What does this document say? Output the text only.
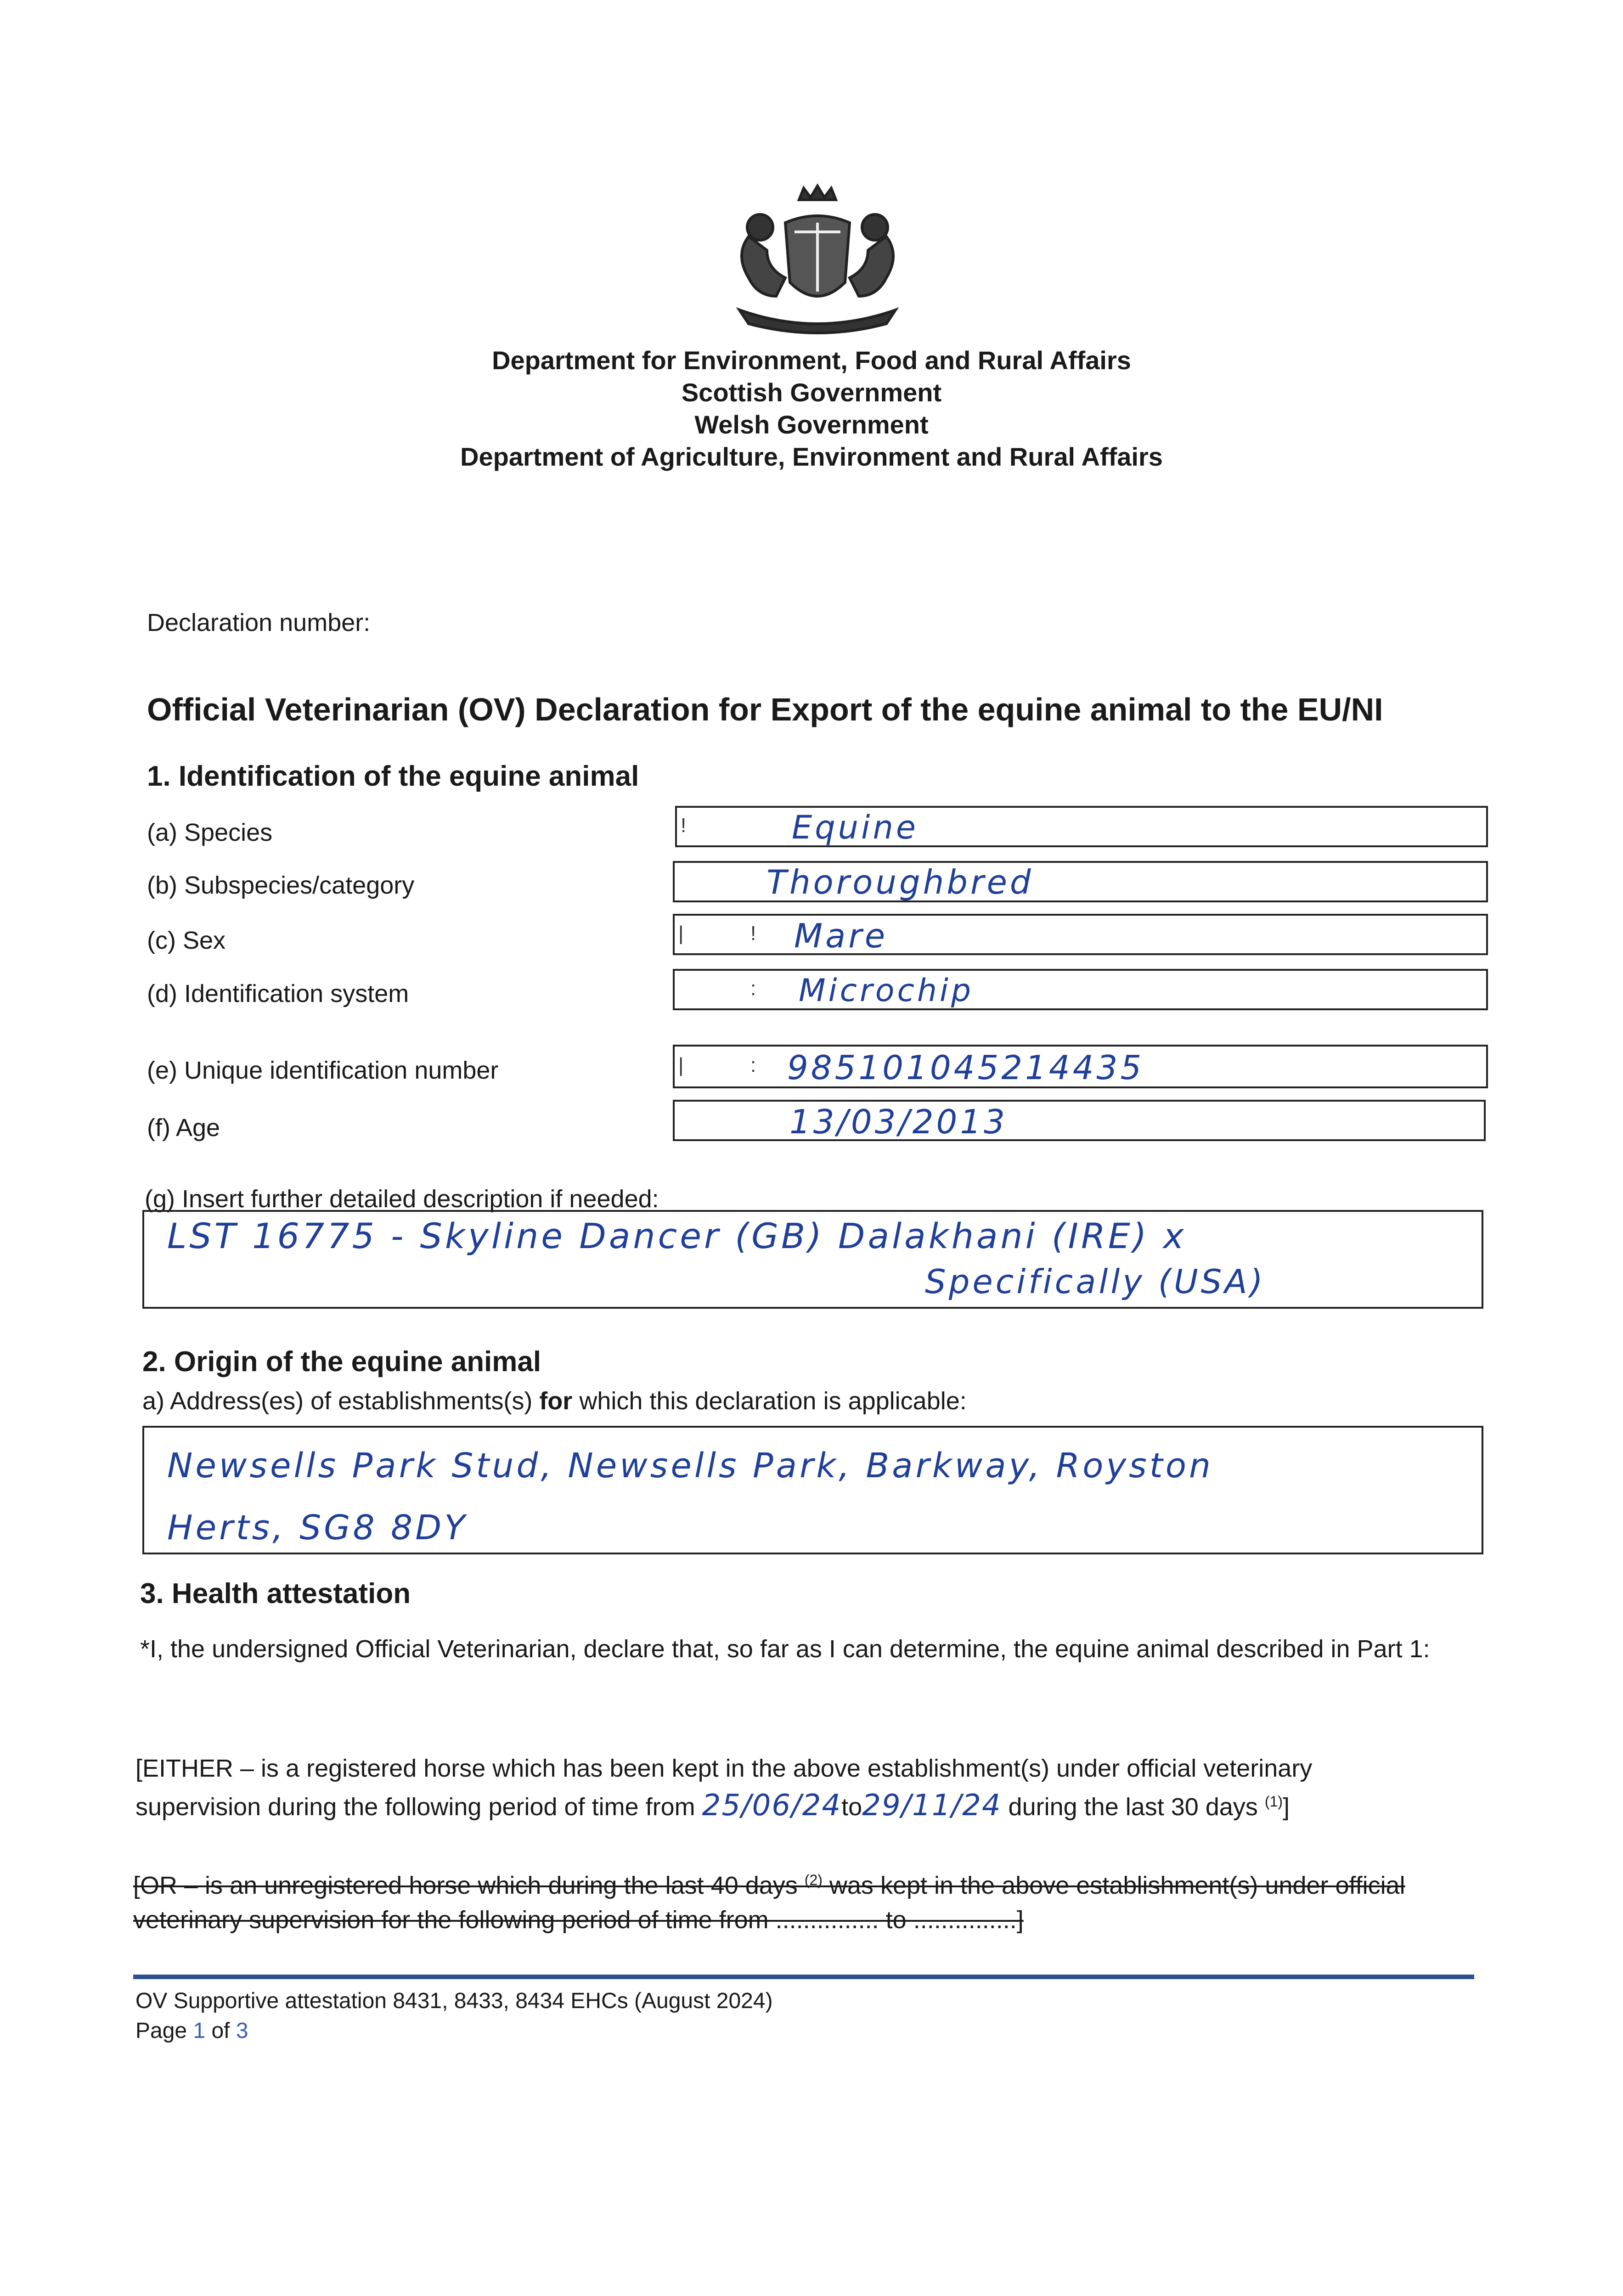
Department for Environment, Food and Rural Affairs
Scottish Government
Welsh Government
Department of Agriculture, Environment and Rural Affairs
Declaration number:
Official Veterinarian (OV) Declaration for Export of the equine animal to the EU/NI
1. Identification of the equine animal
(a) Species	!	Equine
(b) Subspecies/category	Thoroughbred
(c) Sex	|	! Mare
(d) Identification system	: Microchip
(e) Unique identification number	|	: 985101045214435
(f) Age	13/03/2013
(g) Insert further detailed description if needed:
LST 16775 - Skyline Dancer (GB) Dalakhani (IRE) x
Specifically (USA)
2. Origin of the equine animal
a) Address(es) of establishments(s) for which this declaration is applicable:
Newsells Park Stud, Newsells Park, Barkway, Royston
Herts, SG8 8DY
3. Health attestation
*I, the undersigned Official Veterinarian, declare that, so far as I can determine, the equine animal described in Part 1:
[EITHER – is a registered horse which has been kept in the above establishment(s) under official veterinary
supervision during the following period of time from 25/06/24to29/11/24 during the last 30 days $^{(1)}$]
[OR – is an unregistered horse which during the last 40 days $^{(2)}$ was kept in the above establishment(s) under official
veterinary supervision for the following period of time from ............... to ...............]
OV Supportive attestation 8431, 8433, 8434 EHCs (August 2024)
Page 1 of 3
